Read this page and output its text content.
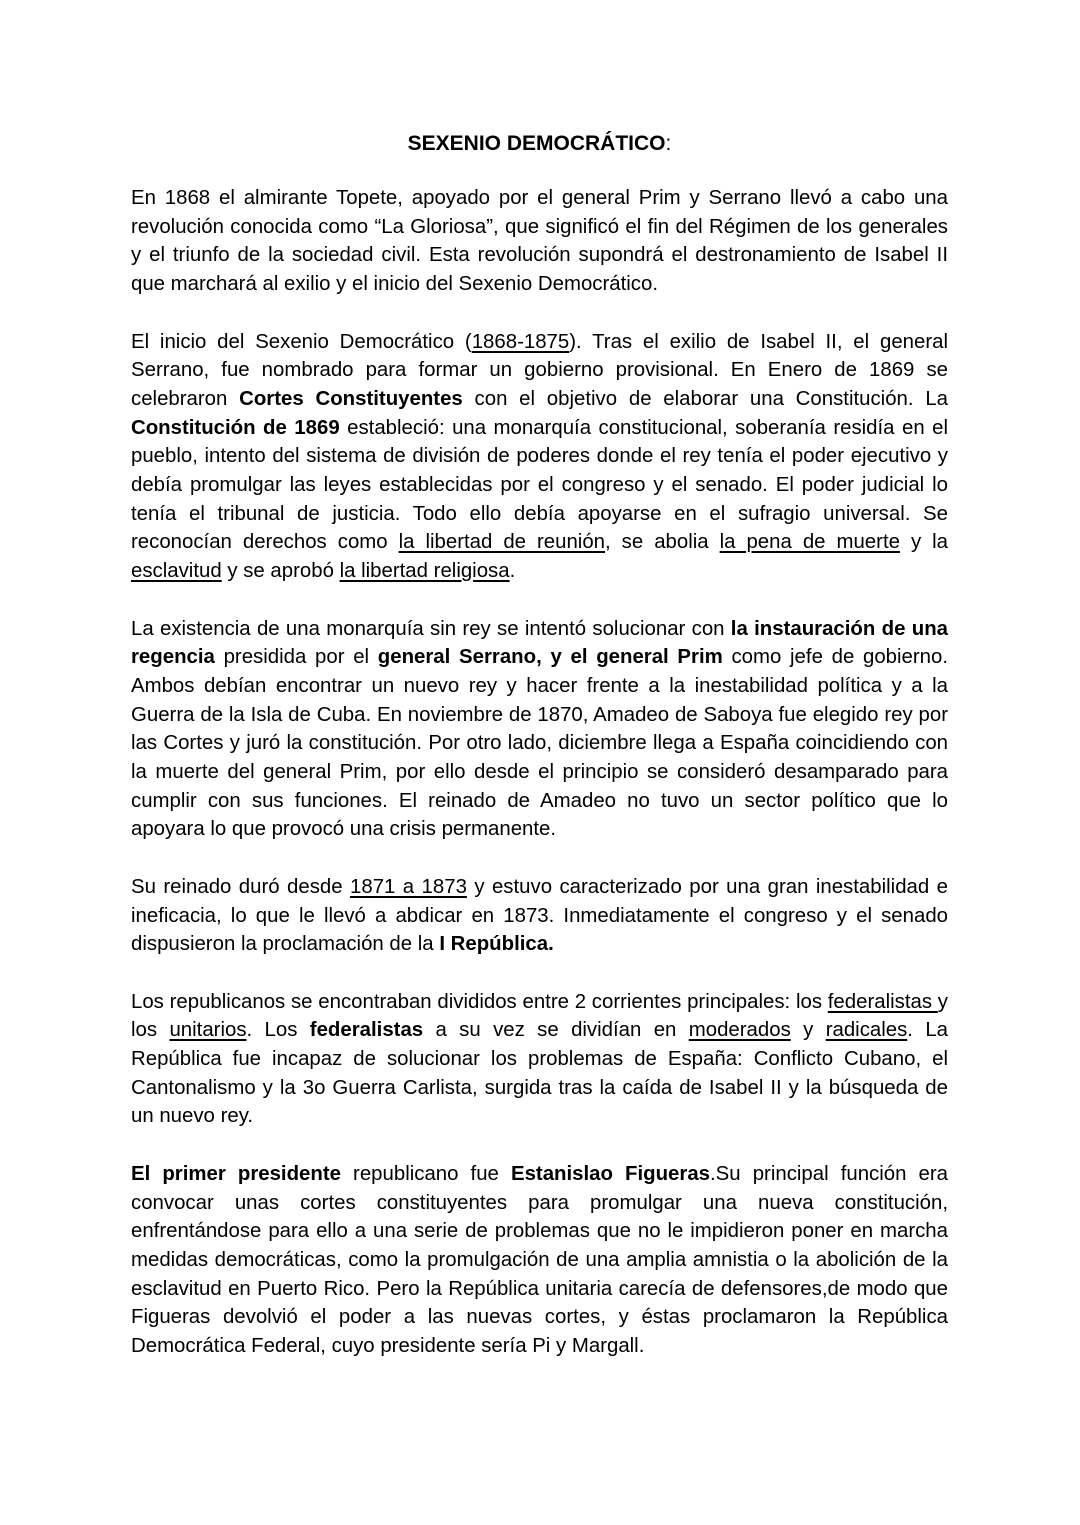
SEXENIO DEMOCRÁTICO:

En 1868 el almirante Topete, apoyado por el general Prim y Serrano llevó a cabo una revolución conocida como “La Gloriosa”, que significó el fin del Régimen de los generales y el triunfo de la sociedad civil. Esta revolución supondrá el destronamiento de Isabel II que marchará al exilio y el inicio del Sexenio Democrático.

El inicio del Sexenio Democrático (1868-1875). Tras el exilio de Isabel II, el general Serrano, fue nombrado para formar un gobierno provisional. En Enero de 1869 se celebraron Cortes Constituyentes con el objetivo de elaborar una Constitución. La Constitución de 1869 estableció: una monarquía constitucional, soberanía residía en el pueblo, intento del sistema de división de poderes donde el rey tenía el poder ejecutivo y debía promulgar las leyes establecidas por el congreso y el senado. El poder judicial lo tenía el tribunal de justicia. Todo ello debía apoyarse en el sufragio universal. Se reconocían derechos como la libertad de reunión, se abolia la pena de muerte y la esclavitud y se aprobó la libertad religiosa.

La existencia de una monarquía sin rey se intentó solucionar con la instauración de una regencia presidida por el general Serrano, y el general Prim como jefe de gobierno. Ambos debían encontrar un nuevo rey y hacer frente a la inestabilidad política y a la Guerra de la Isla de Cuba. En noviembre de 1870, Amadeo de Saboya fue elegido rey por las Cortes y juró la constitución. Por otro lado, diciembre llega a España coincidiendo con la muerte del general Prim, por ello desde el principio se consideró desamparado para cumplir con sus funciones. El reinado de Amadeo no tuvo un sector político que lo apoyara lo que provocó una crisis permanente.

Su reinado duró desde 1871 a 1873 y estuvo caracterizado por una gran inestabilidad e ineficacia, lo que le llevó a abdicar en 1873. Inmediatamente el congreso y el senado dispusieron la proclamación de la I República.

Los republicanos se encontraban divididos entre 2 corrientes principales: los federalistas y los unitarios. Los federalistas a su vez se dividían en moderados y radicales. La República fue incapaz de solucionar los problemas de España: Conflicto Cubano, el Cantonalismo y la 3o Guerra Carlista, surgida tras la caída de Isabel II y la búsqueda de un nuevo rey.

El primer presidente republicano fue Estanislao Figueras.Su principal función era convocar unas cortes constituyentes para promulgar una nueva constitución, enfrentándose para ello a una serie de problemas que no le impidieron poner en marcha medidas democráticas, como la promulgación de una amplia amnistia o la abolición de la esclavitud en Puerto Rico. Pero la República unitaria carecía de defensores,de modo que Figueras devolvió el poder a las nuevas cortes, y éstas proclamaron la República Democrática Federal, cuyo presidente sería Pi y Margall.
